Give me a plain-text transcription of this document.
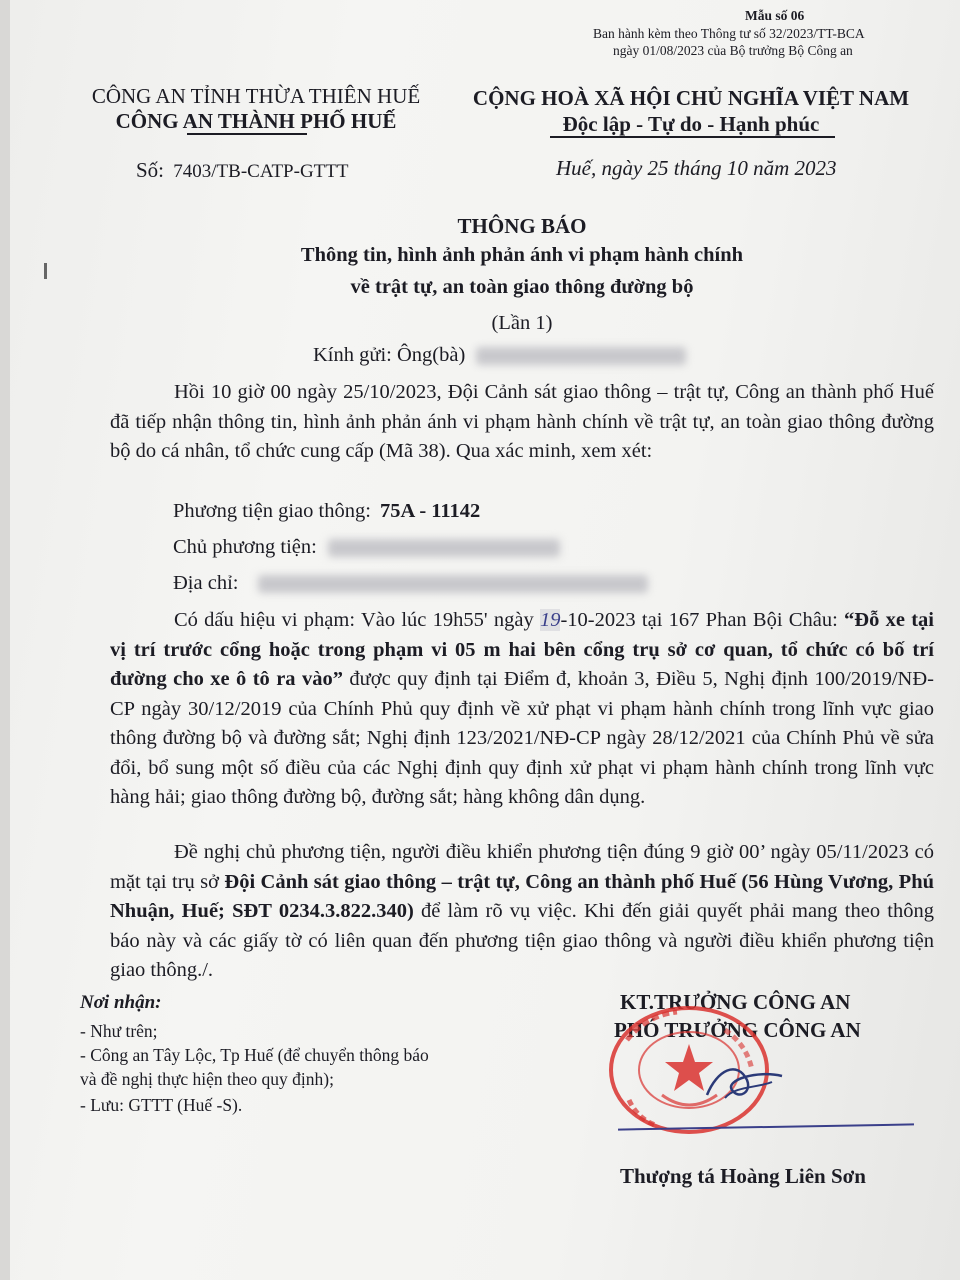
Mẫu số 06
Ban hành kèm theo Thông tư số 32/2023/TT-BCA
ngày 01/08/2023 của Bộ trưởng Bộ Công an
CÔNG AN TỈNH THỪA THIÊN HUẾ
CÔNG AN THÀNH PHỐ HUẾ
Số: 7403/TB-CATP-GTTT
CỘNG HOÀ XÃ HỘI CHỦ NGHĨA VIỆT NAM
Độc lập - Tự do - Hạnh phúc
Huế, ngày 25 tháng 10 năm 2023
THÔNG BÁO
Thông tin, hình ảnh phản ánh vi phạm hành chính
về trật tự, an toàn giao thông đường bộ
(Lần 1)
Kính gửi: Ông(bà)
Hồi 10 giờ 00 ngày 25/10/2023, Đội Cảnh sát giao thông – trật tự, Công an thành phố Huế đã tiếp nhận thông tin, hình ảnh phản ánh vi phạm hành chính về trật tự, an toàn giao thông đường bộ do cá nhân, tổ chức cung cấp (Mã 38). Qua xác minh, xem xét:
Phương tiện giao thông: 75A - 11142
Chủ phương tiện:
Địa chỉ:
Có dấu hiệu vi phạm: Vào lúc 19h55' ngày 19-10-2023 tại 167 Phan Bội Châu: “Đỗ xe tại vị trí trước cổng hoặc trong phạm vi 05 m hai bên cổng trụ sở cơ quan, tổ chức có bố trí đường cho xe ô tô ra vào” được quy định tại Điểm đ, khoản 3, Điều 5, Nghị định 100/2019/NĐ-CP ngày 30/12/2019 của Chính Phủ quy định về xử phạt vi phạm hành chính trong lĩnh vực giao thông đường bộ và đường sắt; Nghị định 123/2021/NĐ-CP ngày 28/12/2021 của Chính Phủ về sửa đổi, bổ sung một số điều của các Nghị định quy định xử phạt vi phạm hành chính trong lĩnh vực hàng hải; giao thông đường bộ, đường sắt; hàng không dân dụng.
Đề nghị chủ phương tiện, người điều khiển phương tiện đúng 9 giờ 00’ ngày 05/11/2023 có mặt tại trụ sở Đội Cảnh sát giao thông – trật tự, Công an thành phố Huế (56 Hùng Vương, Phú Nhuận, Huế; SĐT 0234.3.822.340) để làm rõ vụ việc. Khi đến giải quyết phải mang theo thông báo này và các giấy tờ có liên quan đến phương tiện giao thông và người điều khiển phương tiện giao thông./.
Nơi nhận:
- Như trên;
- Công an Tây Lộc, Tp Huế (để chuyển thông báo
và đề nghị thực hiện theo quy định);
- Lưu: GTTT (Huế -S).
KT.TRƯỞNG CÔNG AN
PHÓ TRƯỞNG CÔNG AN
Thượng tá Hoàng Liên Sơn
